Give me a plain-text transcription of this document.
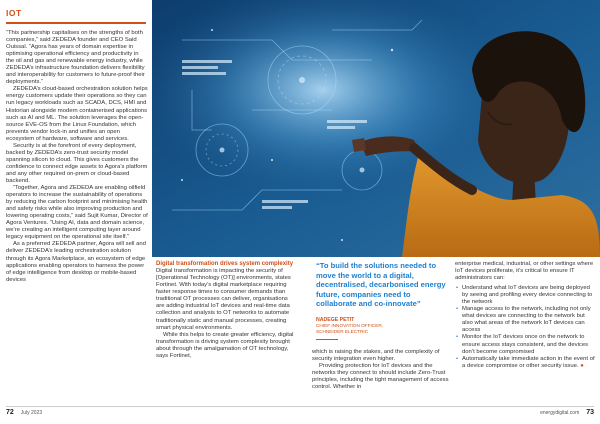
IOT

“This partnership capitalises on the strengths of both companies,” said ZEDEDA founder and CEO Said Ouissal. “Agora has years of domain expertise in optimising operational efficiency and productivity in the oil and gas and renewable energy industry, while ZEDEDA’s infrastructure foundation delivers flexibility and interoperability for customers to future-proof their deployments.”

ZEDEDA’s cloud-based orchestration solution helps energy customers update their operations so they can run legacy workloads such as SCADA, DCS, HMI and Historian alongside modern containerised applications such as AI and ML. The solution leverages the open-source EVE-OS from the Linux Foundation, which prevents vendor lock-in and unifies an open ecosystem of hardware, software and services.

Security is at the forefront of every deployment, backed by ZEDEDA’s zero-trust security model spanning silicon to cloud. This gives customers the confidence to connect edge assets to Agora’s platform and any other required on-prem or cloud-based backend.

“Together, Agora and ZEDEDA are enabling oilfield operators to increase the sustainability of operations by reducing the carbon footprint and minimising health and safety risks while also improving production and lowering operating costs,” said Sujit Kumar, Director of Agora Ventures. “Using AI, data and domain science, we’re creating an intelligent computing layer around legacy equipment on the operational site itself.”

As a preferred ZEDEDA partner, Agora will sell and deliver ZEDEDA’s leading orchestration solution through its Agora Marketplace, an ecosystem of edge applications enabling operators to harness the power of edge intelligence from desktop or mobile-based devices

Digital transformation drives system complexity

Digital transformation is impacting the security of [Operational Technology (OT)] environments, states Fortinet. With today’s digital marketplace requiring faster response times to consumer demands than traditional OT processes can deliver, organisations are adding industrial IoT devices and real-time data collection and analysis to OT networks to automate traditionally static and manual processes, creating smart physical environments.

While this helps to create greater efficiency, digital transformation is driving system complexity brought about through the amalgamation of OT technology, says Fortinet,

“To build the solutions needed to move the world to a digital, decentralised, decarbonised energy future, companies need to collaborate and co-innovate”
NADEGE PETIT
CHIEF INNOVATION OFFICER,
SCHNEIDER ELECTRIC

which is raising the stakes, and the complexity of security integration even higher.

Providing protection for IoT devices and the networks they connect to should include Zero-Trust principles, including the tight management of access control. Whether in

enterprise medical, industrial, or other settings where IoT devices proliferate, it’s critical to ensure IT administrators can:

• Understand what IoT devices are being deployed by seeing and profiling every device connecting to the network
• Manage access to the network, including not only what devices are connecting to the network but also what areas of the network IoT devices can access
• Monitor the IoT devices once on the network to ensure access stays consistent, and the devices don’t become compromised
• Automatically take immediate action in the event of a device compromise or other security issue. ●
72 July 2023	energydigital.com 73
